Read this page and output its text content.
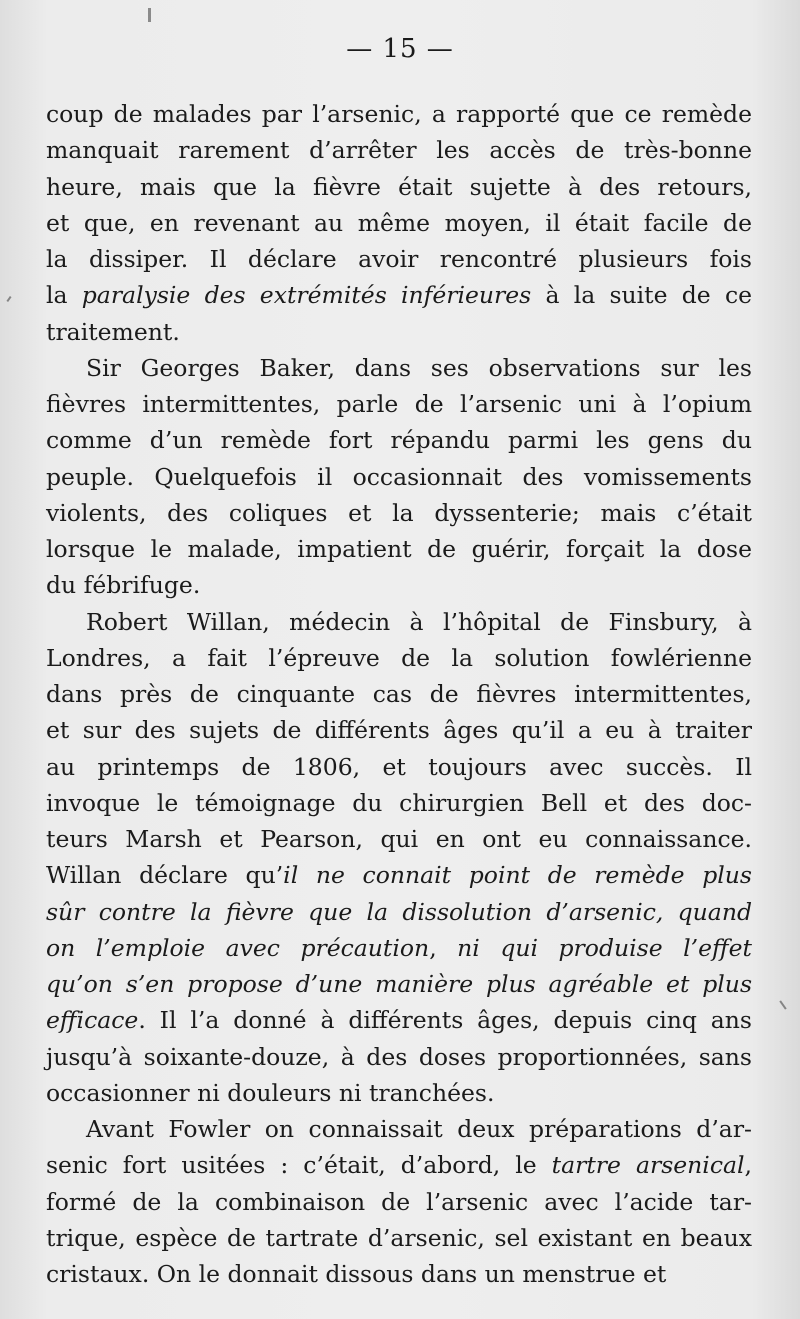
— 15 —
coup de malades par l’arsenic, a rapporté que ce remède
manquait rarement d’arrêter les accès de très-bonne
heure, mais que la fièvre était sujette à des retours,
et que, en revenant au même moyen, il était facile de
la dissiper. Il déclare avoir rencontré plusieurs fois
la paralysie des extrémités inférieures à la suite de ce
traitement.
Sir Georges Baker, dans ses observations sur les
fièvres intermittentes, parle de l’arsenic uni à l’opium
comme d’un remède fort répandu parmi les gens du
peuple. Quelquefois il occasionnait des vomissements
violents, des coliques et la dyssenterie; mais c’était
lorsque le malade, impatient de guérir, forçait la dose
du fébrifuge.
Robert Willan, médecin à l’hôpital de Finsbury, à
Londres, a fait l’épreuve de la solution fowlérienne
dans près de cinquante cas de fièvres intermittentes,
et sur des sujets de différents âges qu’il a eu à traiter
au printemps de 1806, et toujours avec succès. Il
invoque le témoignage du chirurgien Bell et des doc-
teurs Marsh et Pearson, qui en ont eu connaissance.
Willan déclare qu’il ne connait point de remède plus
sûr contre la fièvre que la dissolution d’arsenic, quand
on l’emploie avec précaution, ni qui produise l’effet
qu’on s’en propose d’une manière plus agréable et plus
efficace. Il l’a donné à différents âges, depuis cinq ans
jusqu’à soixante-douze, à des doses proportionnées, sans
occasionner ni douleurs ni tranchées.
Avant Fowler on connaissait deux préparations d’ar-
senic fort usitées : c’était, d’abord, le tartre arsenical,
formé de la combinaison de l’arsenic avec l’acide tar-
trique, espèce de tartrate d’arsenic, sel existant en beaux
cristaux. On le donnait dissous dans un menstrue et
